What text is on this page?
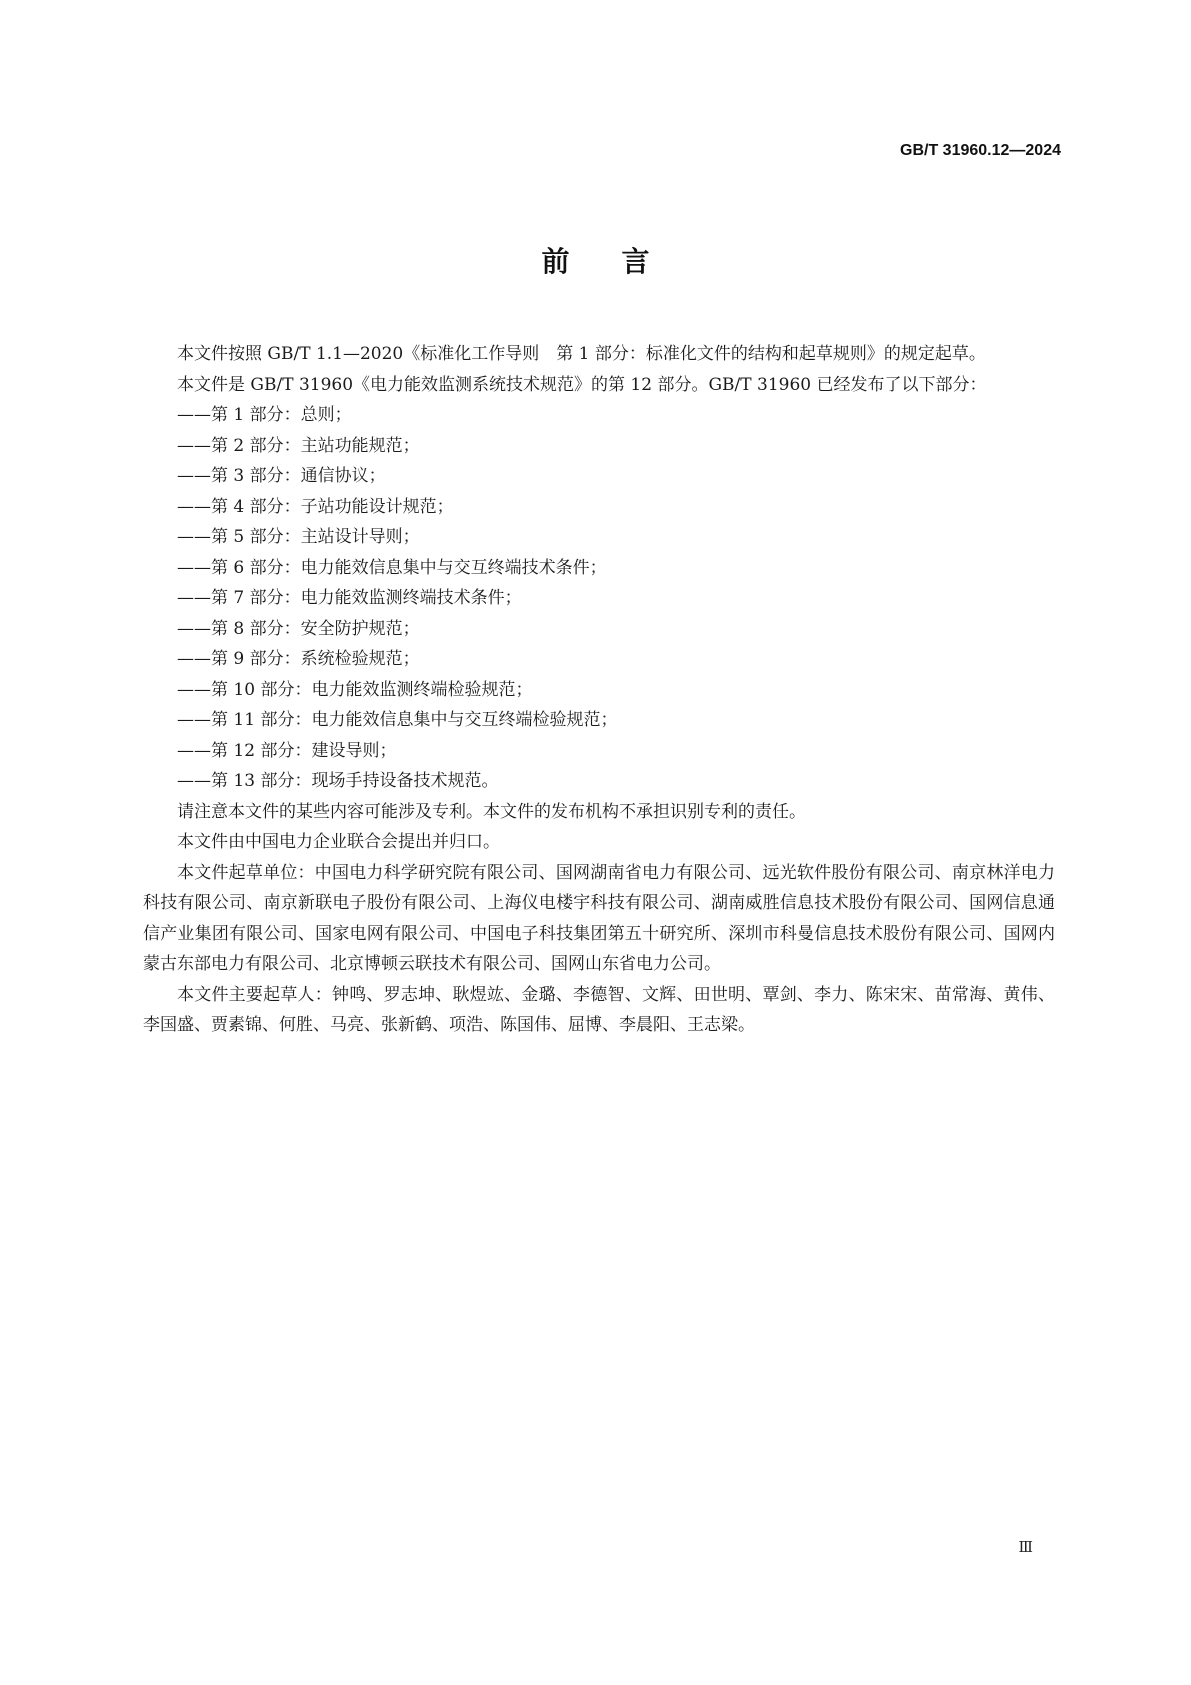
GB/T 31960.12—2024
前言

本文件按照 GB/T 1.1—2020《标准化工作导则　第 1 部分：标准化文件的结构和起草规则》的规定起草。

本文件是 GB/T 31960《电力能效监测系统技术规范》的第 12 部分。GB/T 31960 已经发布了以下部分：

——第 1 部分：总则；

——第 2 部分：主站功能规范；

——第 3 部分：通信协议；

——第 4 部分：子站功能设计规范；

——第 5 部分：主站设计导则；

——第 6 部分：电力能效信息集中与交互终端技术条件；

——第 7 部分：电力能效监测终端技术条件；

——第 8 部分：安全防护规范；

——第 9 部分：系统检验规范；

——第 10 部分：电力能效监测终端检验规范；

——第 11 部分：电力能效信息集中与交互终端检验规范；

——第 12 部分：建设导则；

——第 13 部分：现场手持设备技术规范。

请注意本文件的某些内容可能涉及专利。本文件的发布机构不承担识别专利的责任。

本文件由中国电力企业联合会提出并归口。

本文件起草单位：中国电力科学研究院有限公司、国网湖南省电力有限公司、远光软件股份有限公司、南京林洋电力科技有限公司、南京新联电子股份有限公司、上海仪电楼宇科技有限公司、湖南威胜信息技术股份有限公司、国网信息通信产业集团有限公司、国家电网有限公司、中国电子科技集团第五十研究所、深圳市科曼信息技术股份有限公司、国网内蒙古东部电力有限公司、北京博顿云联技术有限公司、国网山东省电力公司。

本文件主要起草人：钟鸣、罗志坤、耿煜竑、金璐、李德智、文辉、田世明、覃剑、李力、陈宋宋、苗常海、黄伟、李国盛、贾素锦、何胜、马亮、张新鹤、项浩、陈国伟、屈博、李晨阳、王志梁。

Ⅲ
